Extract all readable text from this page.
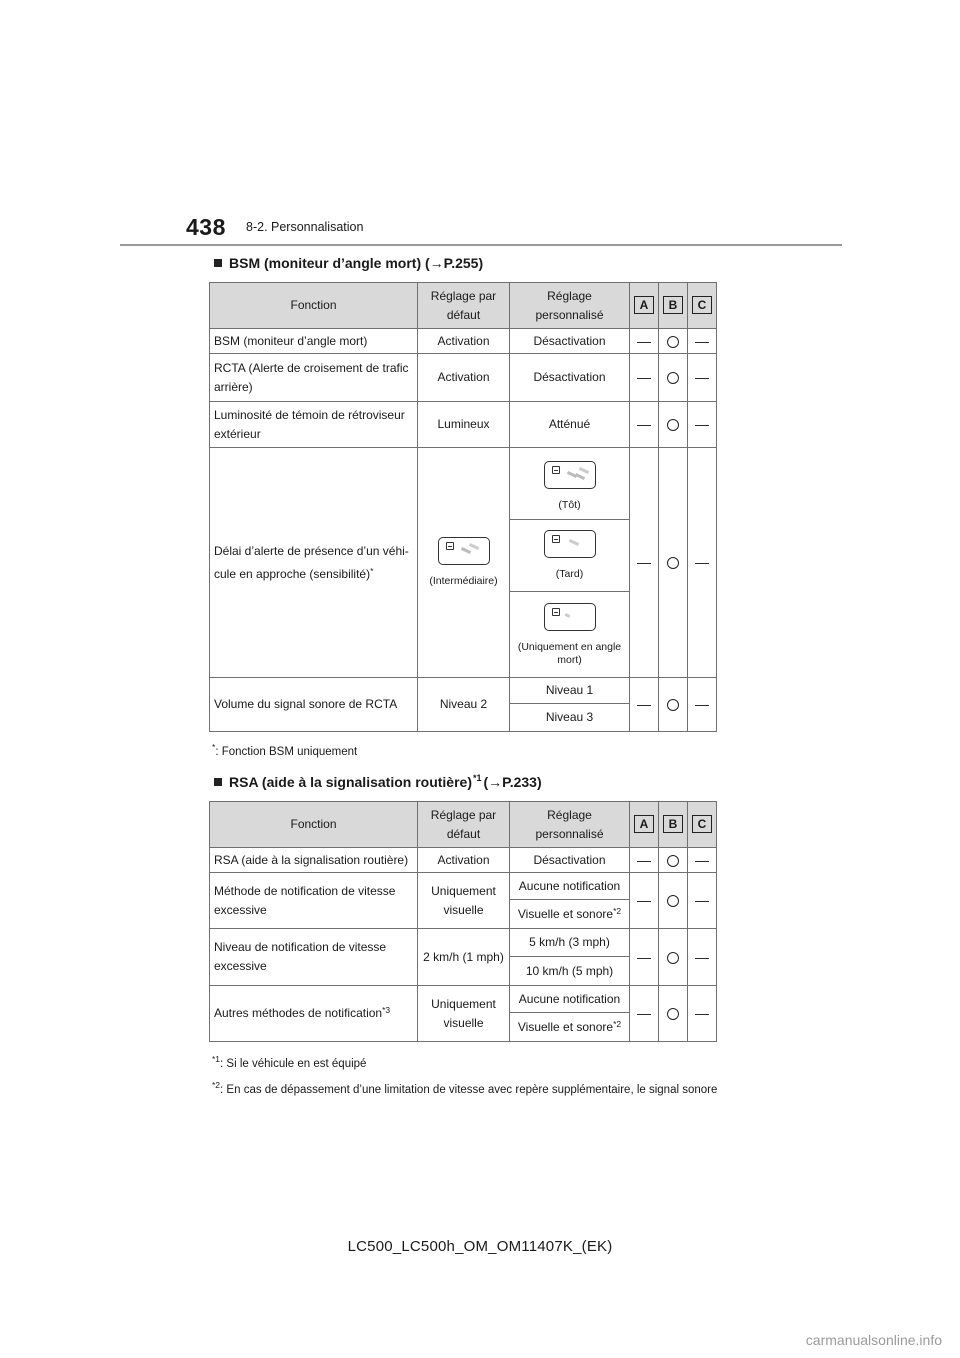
438 8-2. Personnalisation
BSM (moniteur d’angle mort)
(→P.255)
Fonction	Réglage par défaut	Réglage personnalisé	A	B	C
BSM (moniteur d’angle mort)	Activation	Désactivation	—		—
RCTA (Alerte de croisement de trafic arrière)	Activation	Désactivation	—		—
Luminosité de témoin de rétroviseur extérieur	Lumineux	Atténué	—		—
Délai d’alerte de présence d’un véhi-cule en approche (sensibilité)*	(Intermédiaire)	(Tôt)	—		—

		(Tard)			

		(Uniquement en angle mort)			

Volume du signal sonore de RCTA	Niveau 2	Niveau 1	—		—
		Niveau 3			
*: Fonction BSM uniquement
RSA (aide à la signalisation routière)$^{*1}$ (→P.233)
Fonction	Réglage par défaut	Réglage personnalisé	A	B	C
RSA (aide à la signalisation routière)	Activation	Désactivation	—		—
Méthode de notification de vitesse excessive	Uniquement visuelle	Aucune notification	—		—
		Visuelle et sonore$^{*2}$
Niveau de notification de vitesse excessive	2 km/h (1 mph)	5 km/h (3 mph)	—		—
		10 km/h (5 mph)			
Autres méthodes de notification$^{*3}$	Uniquement visuelle	Aucune notification	—		—
		Visuelle et sonore$^{*2}$
$^{*1}$: Si le véhicule en est équipé
$^{*2}$: En cas de dépassement d’une limitation de vitesse avec repère supplémentaire, le signal sonore
LC500_LC500h_OM_OM11407K_(EK)
carmanualsonline.info
